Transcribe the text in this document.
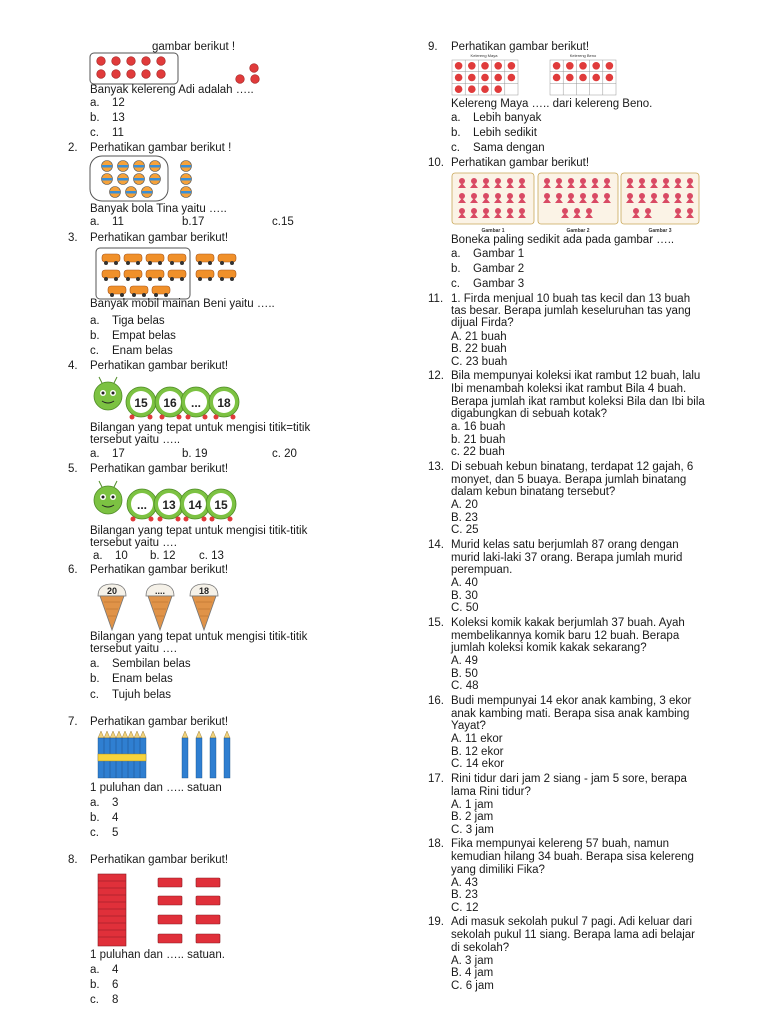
gambar berikut !
Banyak kelereng Adi adalah …..
a. 12
b. 13
c. 11
2. Perhatikan gambar berikut !
Banyak bola Tina yaitu …..
a. 11	b.17	c.15
3. Perhatikan gambar berikut!
Banyak mobil mainan Beni yaitu …..
a. Tiga belas
b. Empat belas
c. Enam belas
4. Perhatikan gambar berikut!
15 16 ... 18
Bilangan yang tepat untuk mengisi titik=titik
tersebut yaitu …..
a. 17	b. 19	c. 20
5. Perhatikan gambar berikut!
... 13 14 15
Bilangan yang tepat untuk mengisi titik-titik
tersebut yaitu ….
a. 10 b. 12 c. 13
6. Perhatikan gambar berikut!
20	....	18
Bilangan yang tepat untuk mengisi titik-titik
tersebut yaitu ….
a. Sembilan belas
b. Enam belas
c. Tujuh belas
7. Perhatikan gambar berikut!
1 puluhan dan ….. satuan
a. 3
b. 4
c. 5
8. Perhatikan gambar berikut!
1 puluhan dan ….. satuan.
a. 4
b. 6
c. 8
9. Perhatikan gambar berikut!
Kelereng Maya	Kelereng Beno
Kelereng Maya ….. dari kelereng Beno.
a. Lebih banyak
b. Lebih sedikit
c. Sama dengan
10. Perhatikan gambar berikut!
Gambar 1	Gambar 2	Gambar 3
Boneka paling sedikit ada pada gambar …..
a. Gambar 1
b. Gambar 2
c. Gambar 3
11. 1. Firda menjual 10 buah tas kecil dan 13 buah
tas besar. Berapa jumlah keseluruhan tas yang
dijual Firda?
A. 21 buah
B. 22 buah
C. 23 buah
12. Bila mempunyai koleksi ikat rambut 12 buah, lalu
Ibi menambah koleksi ikat rambut Bila 4 buah.
Berapa jumlah ikat rambut koleksi Bila dan Ibi bila
digabungkan di sebuah kotak?
a. 16 buah
b. 21 buah
c. 22 buah
13. Di sebuah kebun binatang, terdapat 12 gajah, 6
monyet, dan 5 buaya. Berapa jumlah binatang
dalam kebun binatang tersebut?
A. 20
B. 23
C. 25
14. Murid kelas satu berjumlah 87 orang dengan
murid laki-laki 37 orang. Berapa jumlah murid
perempuan.
A. 40
B. 30
C. 50
15. Koleksi komik kakak berjumlah 37 buah. Ayah
membelikannya komik baru 12 buah. Berapa
jumlah koleksi komik kakak sekarang?
A. 49
B. 50
C. 48
16. Budi mempunyai 14 ekor anak kambing, 3 ekor
anak kambing mati. Berapa sisa anak kambing
Yayat?
A. 11 ekor
B. 12 ekor
C. 14 ekor
17. Rini tidur dari jam 2 siang - jam 5 sore, berapa
lama Rini tidur?
A. 1 jam
B. 2 jam
C. 3 jam
18. Fika mempunyai kelereng 57 buah, namun
kemudian hilang 34 buah. Berapa sisa kelereng
yang dimiliki Fika?
A. 43
B. 23
C. 12
19. Adi masuk sekolah pukul 7 pagi. Adi keluar dari
sekolah pukul 11 siang. Berapa lama adi belajar
di sekolah?
A. 3 jam
B. 4 jam
C. 6 jam
